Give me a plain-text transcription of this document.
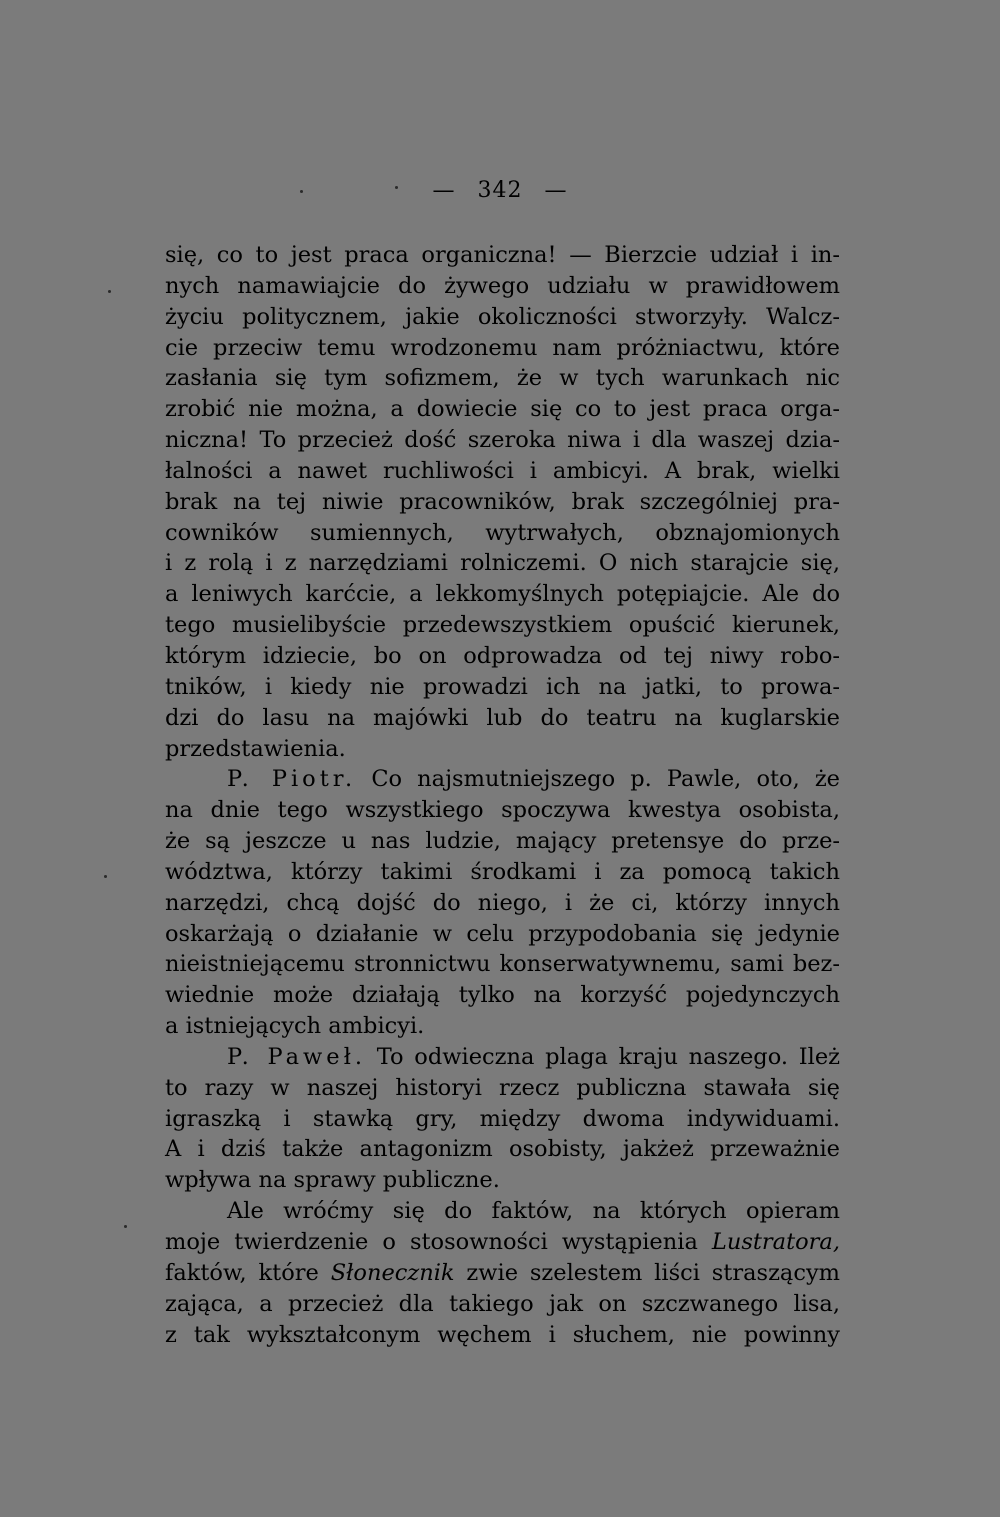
— 342 —
się, co to jest praca organiczna! — Bierzcie udział i in-
nych namawiajcie do żywego udziału w prawidłowem
życiu politycznem, jakie okoliczności stworzyły. Walcz-
cie przeciw temu wrodzonemu nam próżniactwu, które
zasłania się tym sofizmem, że w tych warunkach nic
zrobić nie można, a dowiecie się co to jest praca orga-
niczna! To przecież dość szeroka niwa i dla waszej dzia-
łalności a nawet ruchliwości i ambicyi. A brak, wielki
brak na tej niwie pracowników, brak szczególniej pra-
cowników sumiennych, wytrwałych, obznajomionych
i z rolą i z narzędziami rolniczemi. O nich starajcie się,
a leniwych karćcie, a lekkomyślnych potępiajcie. Ale do
tego musielibyście przedewszystkiem opuścić kierunek,
którym idziecie, bo on odprowadza od tej niwy robo-
tników, i kiedy nie prowadzi ich na jatki, to prowa-
dzi do lasu na majówki lub do teatru na kuglarskie
przedstawienia.
P. Piotr. Co najsmutniejszego p. Pawle, oto, że
na dnie tego wszystkiego spoczywa kwestya osobista,
że są jeszcze u nas ludzie, mający pretensye do prze-
wództwa, którzy takimi środkami i za pomocą takich
narzędzi, chcą dojść do niego, i że ci, którzy innych
oskarżają o działanie w celu przypodobania się jedynie
nieistniejącemu stronnictwu konserwatywnemu, sami bez-
wiednie może działają tylko na korzyść pojedynczych
a istniejących ambicyi.
P. Paweł. To odwieczna plaga kraju naszego. Ileż
to razy w naszej historyi rzecz publiczna stawała się
igraszką i stawką gry, między dwoma indywiduami.
A i dziś także antagonizm osobisty, jakżeż przeważnie
wpływa na sprawy publiczne.
Ale wróćmy się do faktów, na których opieram
moje twierdzenie o stosowności wystąpienia Lustratora,
faktów, które Słonecznik zwie szelestem liści straszącym
zająca, a przecież dla takiego jak on szczwanego lisa,
z tak wykształconym węchem i słuchem, nie powinny
